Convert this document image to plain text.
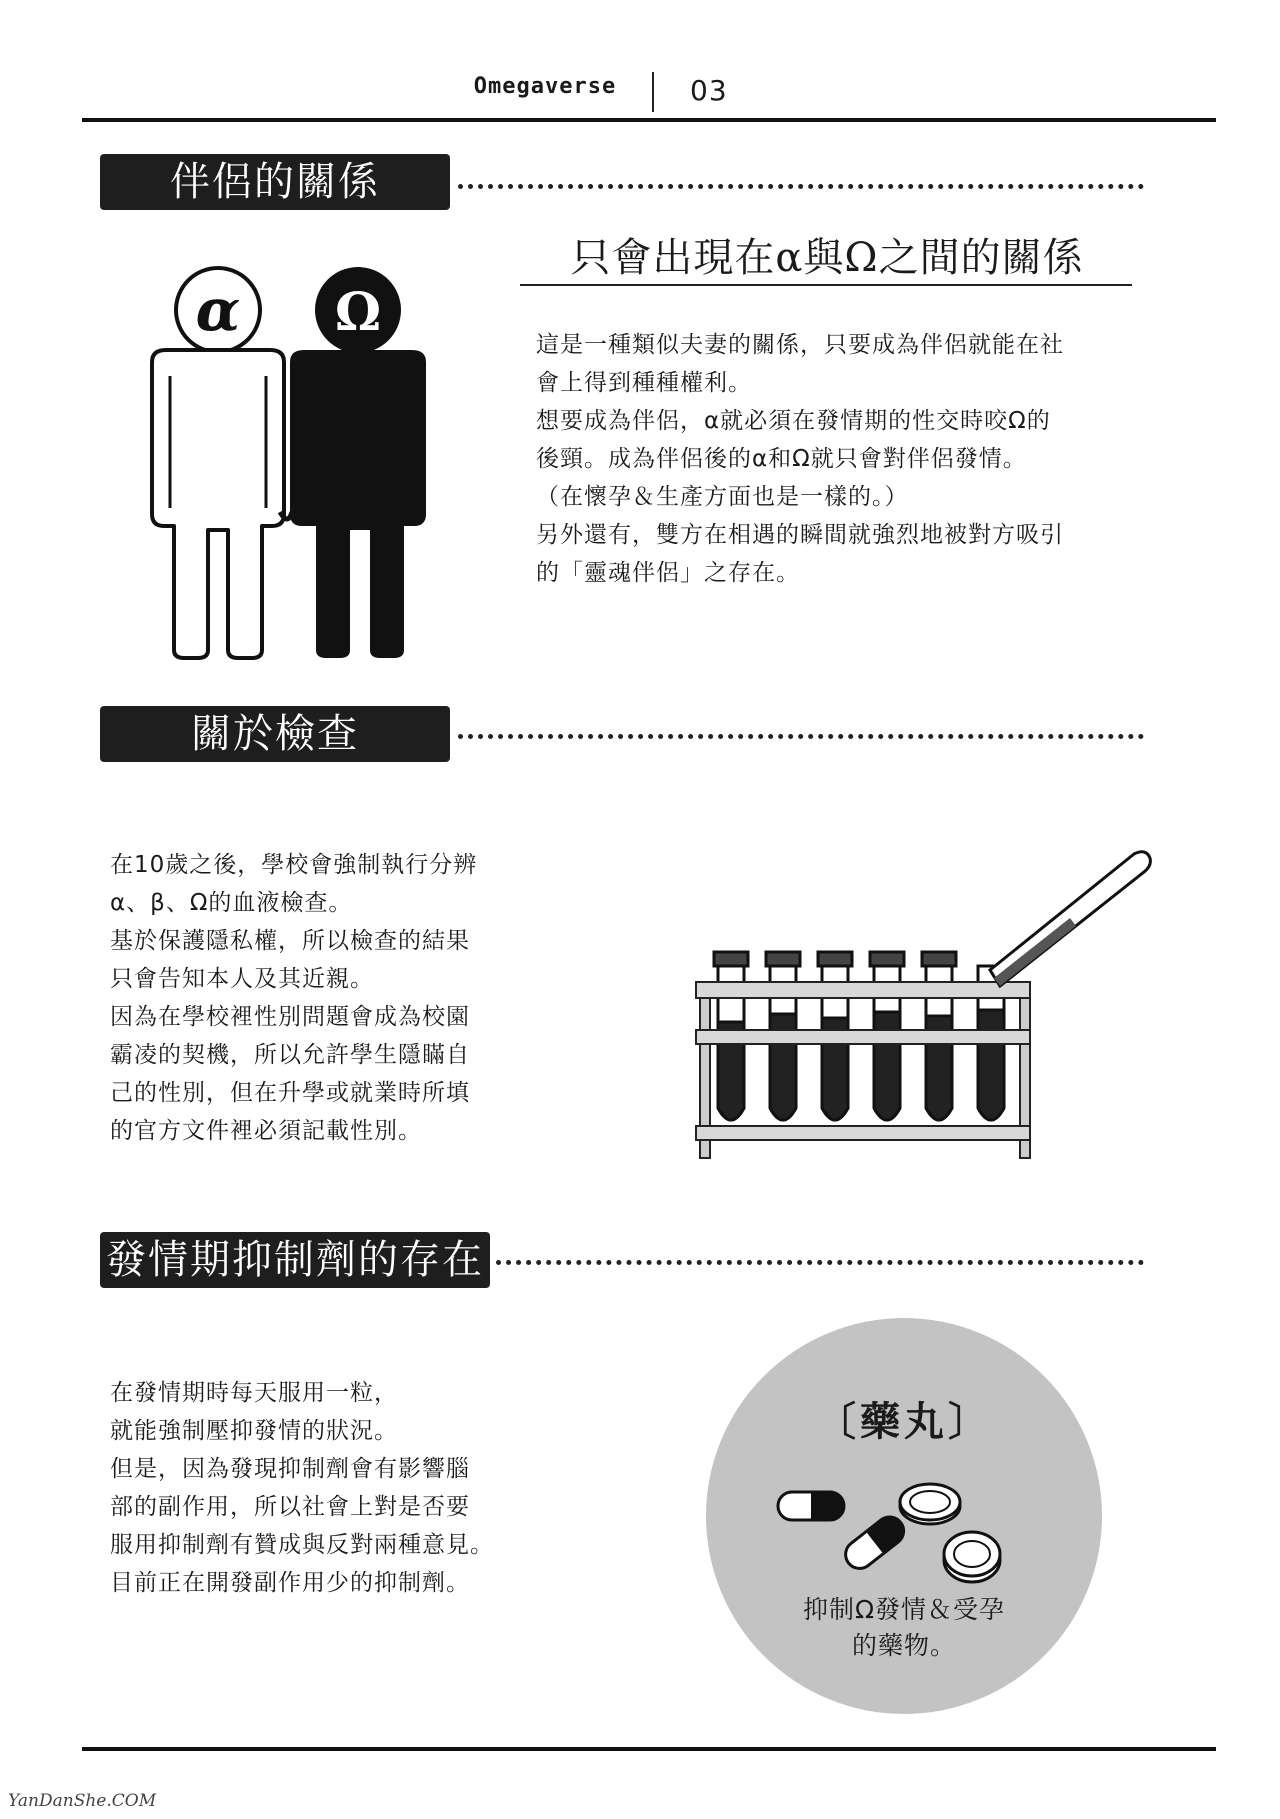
Omegaverse	03
伴侶的關係
只會出現在α與Ω之間的關係
α Ω
這是一種類似夫妻的關係，只要成為伴侶就能在社
會上得到種種權利。
想要成為伴侶，α就必須在發情期的性交時咬Ω的
後頸。成為伴侶後的α和Ω就只會對伴侶發情。
（在懷孕＆生產方面也是一樣的。）
另外還有，雙方在相遇的瞬間就強烈地被對方吸引
的「靈魂伴侶」之存在。
關於檢查
在10歲之後，學校會強制執行分辨
α、β、Ω的血液檢查。
基於保護隱私權，所以檢查的結果
只會告知本人及其近親。
因為在學校裡性別問題會成為校園
霸凌的契機，所以允許學生隱瞞自
己的性別，但在升學或就業時所填
的官方文件裡必須記載性別。
發情期抑制劑的存在
在發情期時每天服用一粒，
就能強制壓抑發情的狀況。
但是，因為發現抑制劑會有影響腦
部的副作用，所以社會上對是否要
服用抑制劑有贊成與反對兩種意見。
目前正在開發副作用少的抑制劑。
〔藥丸〕
抑制Ω發情＆受孕
的藥物。
YanDanShe.COM
